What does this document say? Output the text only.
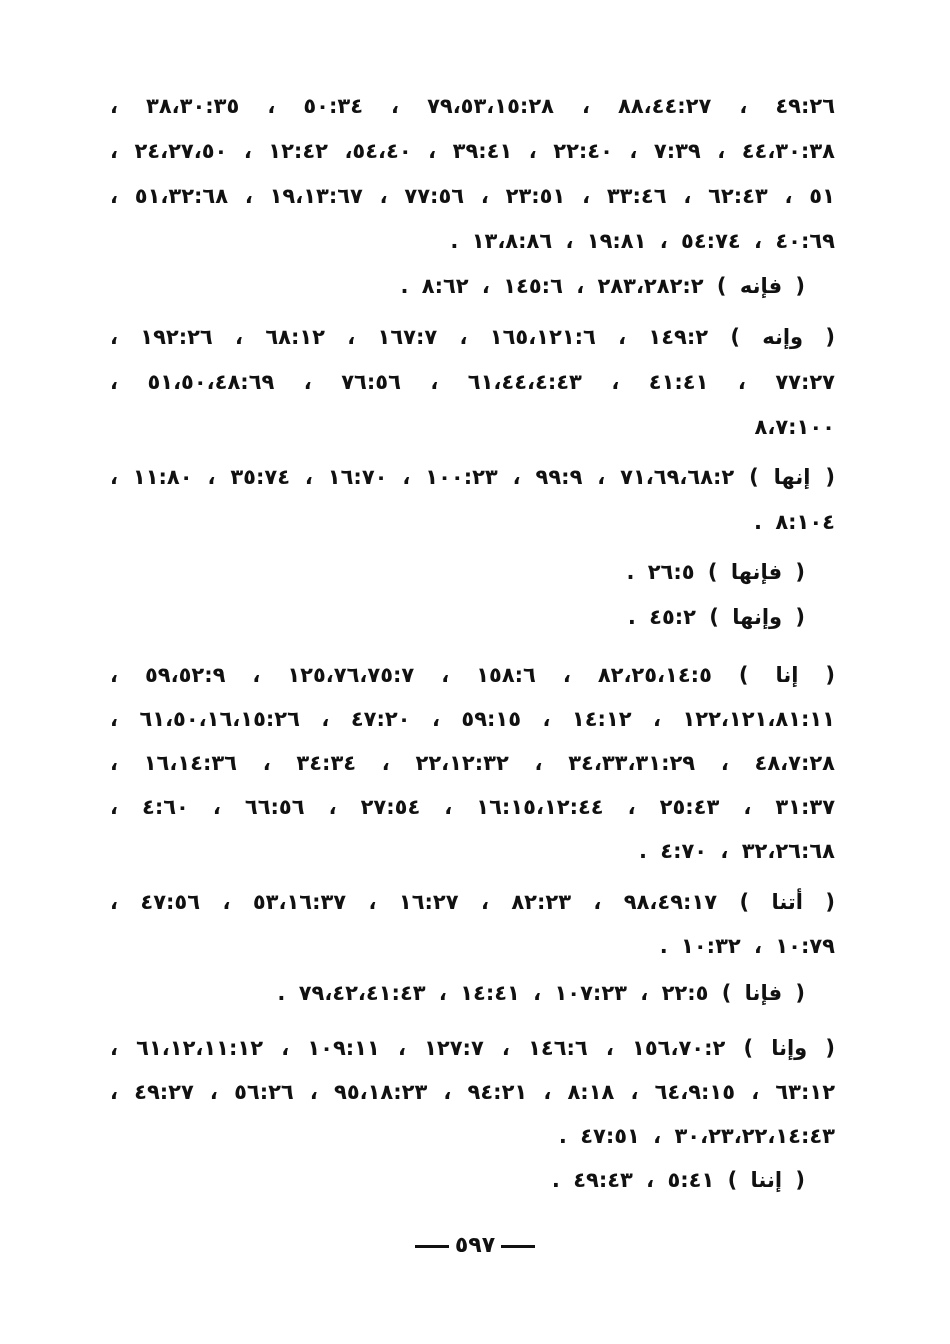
٤٩:٢٦ ، ٨٨،٤٤:٢٧ ، ٧٩،٥٣،١٥:٢٨ ، ٥٠:٣٤ ، ٣٨،٣٠:٣٥ ،
٤٤،٣٠:٣٨ ، ٧:٣٩ ، ٢٢:٤٠ ، ٣٩:٤١ ، ٥٤،٤٠، ١٢:٤٢ ، ٢٤،٢٧،٥٠ ،
٥١ ، ٦٢:٤٣ ، ٣٣:٤٦ ، ٢٣:٥١ ، ٧٧:٥٦ ، ١٩،١٣:٦٧ ، ٥١،٣٢:٦٨ ،
٤٠:٦٩ ، ٥٤:٧٤ ، ١٩:٨١ ، ١٣،٨:٨٦ .
( فإنه ) ٢٨٣،٢٨٢:٢ ، ١٤٥:٦ ، ٨:٦٢ .
( وإنه ) ١٤٩:٢ ، ١٦٥،١٢١:٦ ، ١٦٧:٧ ، ٦٨:١٢ ، ١٩٢:٢٦ ،
٧٧:٢٧ ، ٤١:٤١ ، ٦١،٤٤،٤:٤٣ ، ٧٦:٥٦ ، ٥١،٥٠،٤٨:٦٩ ،
٨،٧:١٠٠
( إنها ) ٧١،٦٩،٦٨:٢ ، ٩٩:٩ ، ١٠٠:٢٣ ، ١٦:٧٠ ، ٣٥:٧٤ ، ١١:٨٠ ،
٨:١٠٤ .
( فإنها ) ٢٦:٥ .
( وإنها ) ٤٥:٢ .
( إنا ) ٨٢،٢٥،١٤:٥ ، ١٥٨:٦ ، ١٢٥،٧٦،٧٥:٧ ، ٥٩،٥٢:٩ ،
١٢٢،١٢١،٨١:١١ ، ١٤:١٢ ، ٥٩:١٥ ، ٤٧:٢٠ ، ٦١،٥٠،١٦،١٥:٢٦ ،
٤٨،٧:٢٨ ، ٣٤،٣٣،٣١:٢٩ ، ٢٢،١٢:٣٢ ، ٣٤:٣٤ ، ١٦،١٤:٣٦ ،
٣١:٣٧ ، ٢٥:٤٣ ، ١٦:١٥،١٢:٤٤ ، ٢٧:٥٤ ، ٦٦:٥٦ ، ٤:٦٠ ،
٣٢،٢٦:٦٨ ، ٤:٧٠ .
( أتنا ) ٩٨،٤٩:١٧ ، ٨٢:٢٣ ، ١٦:٢٧ ، ٥٣،١٦:٣٧ ، ٤٧:٥٦ ،
١٠:٧٩ ، ١٠:٣٢ .
( فإنا ) ٢٢:٥ ، ١٠٧:٢٣ ، ١٤:٤١ ، ٧٩،٤٢،٤١:٤٣ .
( وإنا ) ١٥٦،٧٠:٢ ، ١٤٦:٦ ، ١٢٧:٧ ، ١٠٩:١١ ، ٦١،١٢،١١:١٢ ،
٦٣:١٢ ، ٦٤،٩:١٥ ، ٨:١٨ ، ٩٤:٢١ ، ٩٥،١٨:٢٣ ، ٥٦:٢٦ ، ٤٩:٢٧ ،
٣٠،٢٣،٢٢،١٤:٤٣ ، ٤٧:٥١ .
( إننا ) ٥:٤١ ، ٤٩:٤٣ .
٥٩٧
